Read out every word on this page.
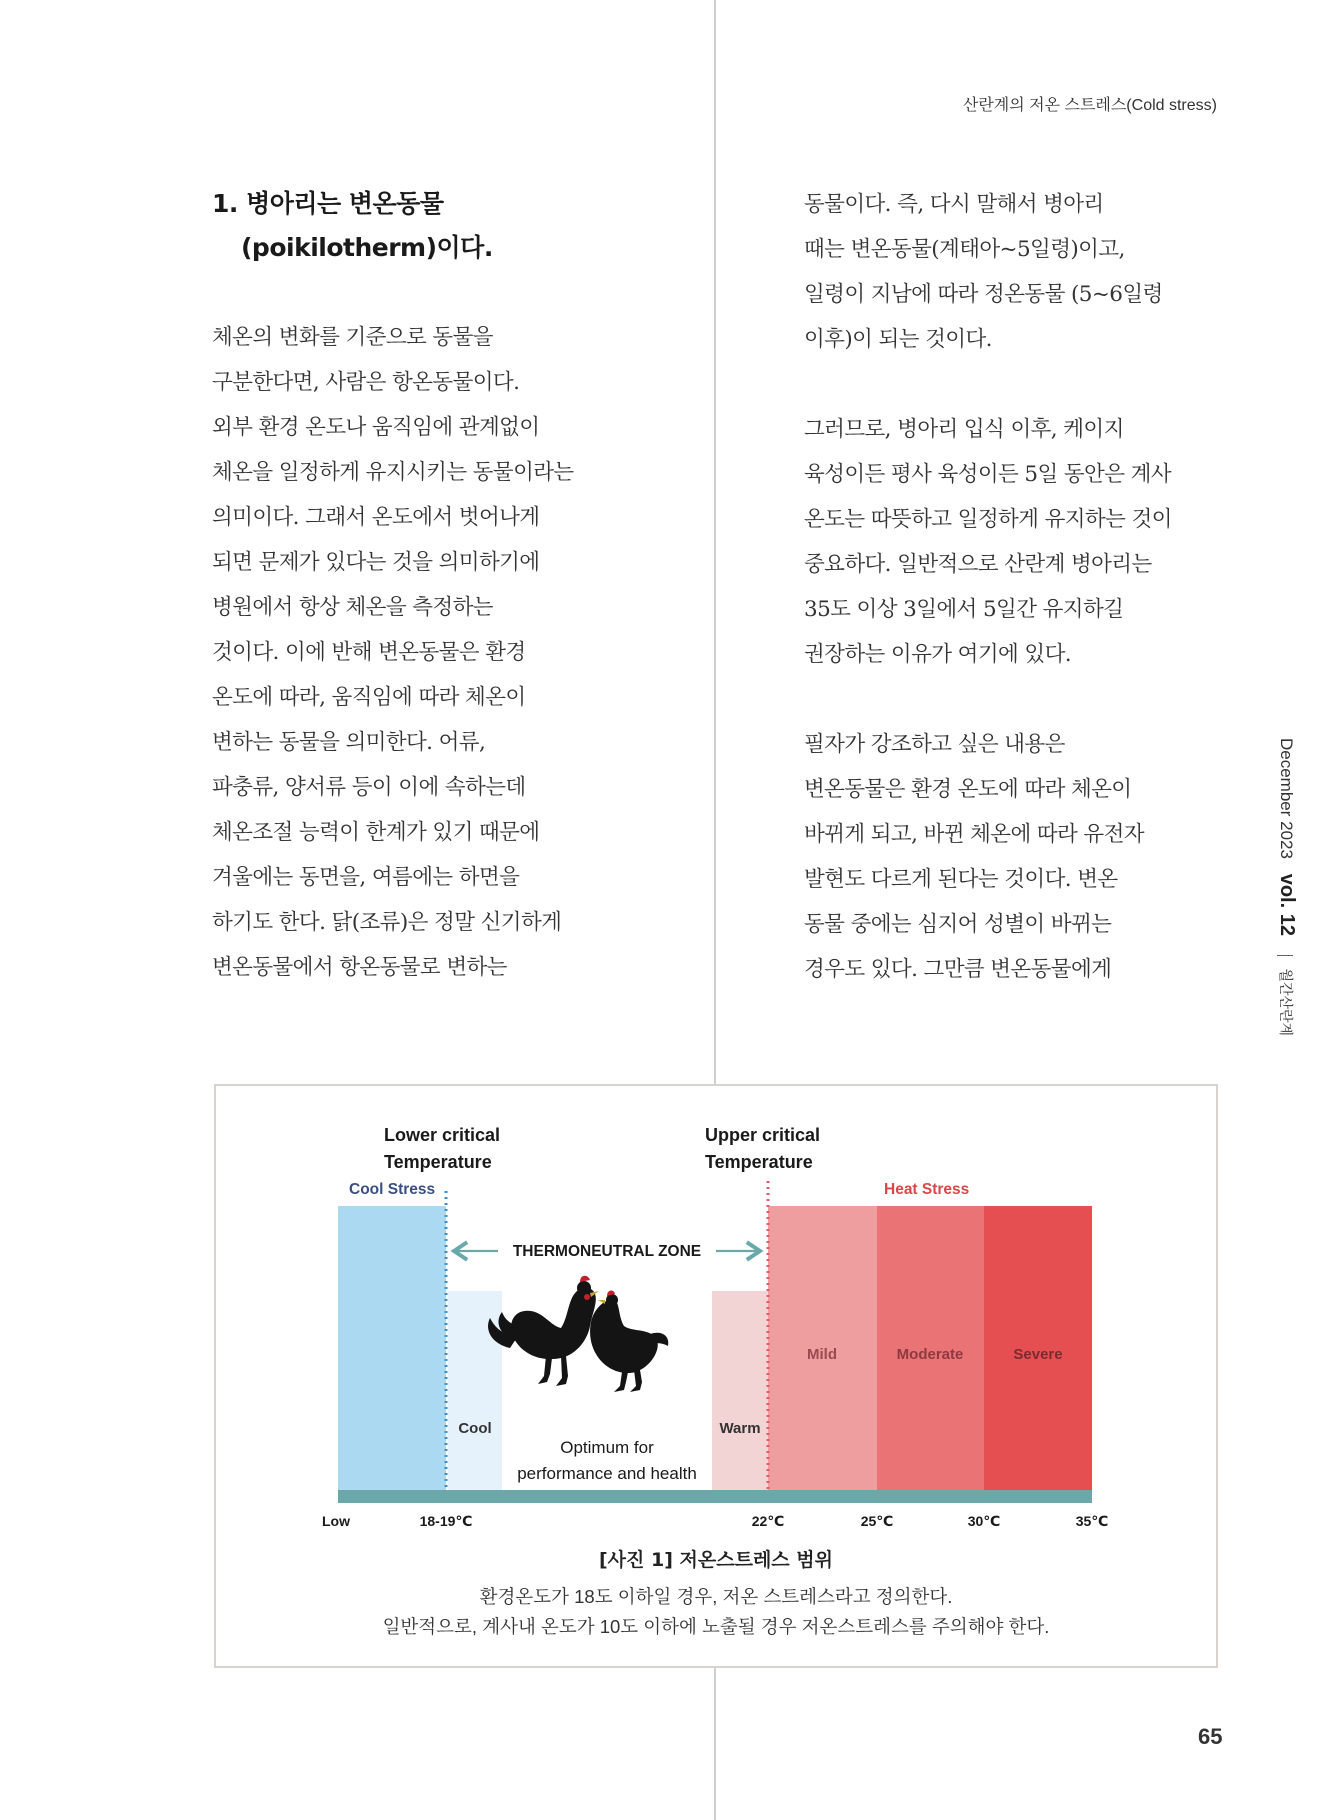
산란계의 저온 스트레스(Cold stress)
1. 병아리는 변온동물
(poikilotherm)이다.

체온의 변화를 기준으로 동물을
구분한다면, 사람은 항온동물이다.
외부 환경 온도나 움직임에 관계없이
체온을 일정하게 유지시키는 동물이라는
의미이다. 그래서 온도에서 벗어나게
되면 문제가 있다는 것을 의미하기에
병원에서 항상 체온을 측정하는
것이다. 이에 반해 변온동물은 환경
온도에 따라, 움직임에 따라 체온이
변하는 동물을 의미한다. 어류,
파충류, 양서류 등이 이에 속하는데
체온조절 능력이 한계가 있기 때문에
겨울에는 동면을, 여름에는 하면을
하기도 한다. 닭(조류)은 정말 신기하게
변온동물에서 항온동물로 변하는

동물이다. 즉, 다시 말해서 병아리
때는 변온동물(계태아~5일령)이고,
일령이 지남에 따라 정온동물 (5~6일령
이후)이 되는 것이다.

그러므로, 병아리 입식 이후, 케이지
육성이든 평사 육성이든 5일 동안은 계사
온도는 따뜻하고 일정하게 유지하는 것이
중요하다. 일반적으로 산란계 병아리는
35도 이상 3일에서 5일간 유지하길
권장하는 이유가 여기에 있다.

필자가 강조하고 싶은 내용은
변온동물은 환경 온도에 따라 체온이
바뀌게 되고, 바뀐 체온에 따라 유전자
발현도 다르게 된다는 것이다. 변온
동물 중에는 심지어 성별이 바뀌는
경우도 있다. 그만큼 변온동물에게

December 2023 vol. 12  월간산란계
Lower critical
Temperature
Upper critical
Temperature
Cool Stress	Heat Stress
THERMONEUTRAL ZONE
Cool	Warm
Mild	Moderate	Severe
Optimum for
performance and health
Low	18-19℃	22℃	25℃	30℃	35℃
[사진 1] 저온스트레스 범위
환경온도가 18도 이하일 경우, 저온 스트레스라고 정의한다.
일반적으로, 계사내 온도가 10도 이하에 노출될 경우 저온스트레스를 주의해야 한다.
65
